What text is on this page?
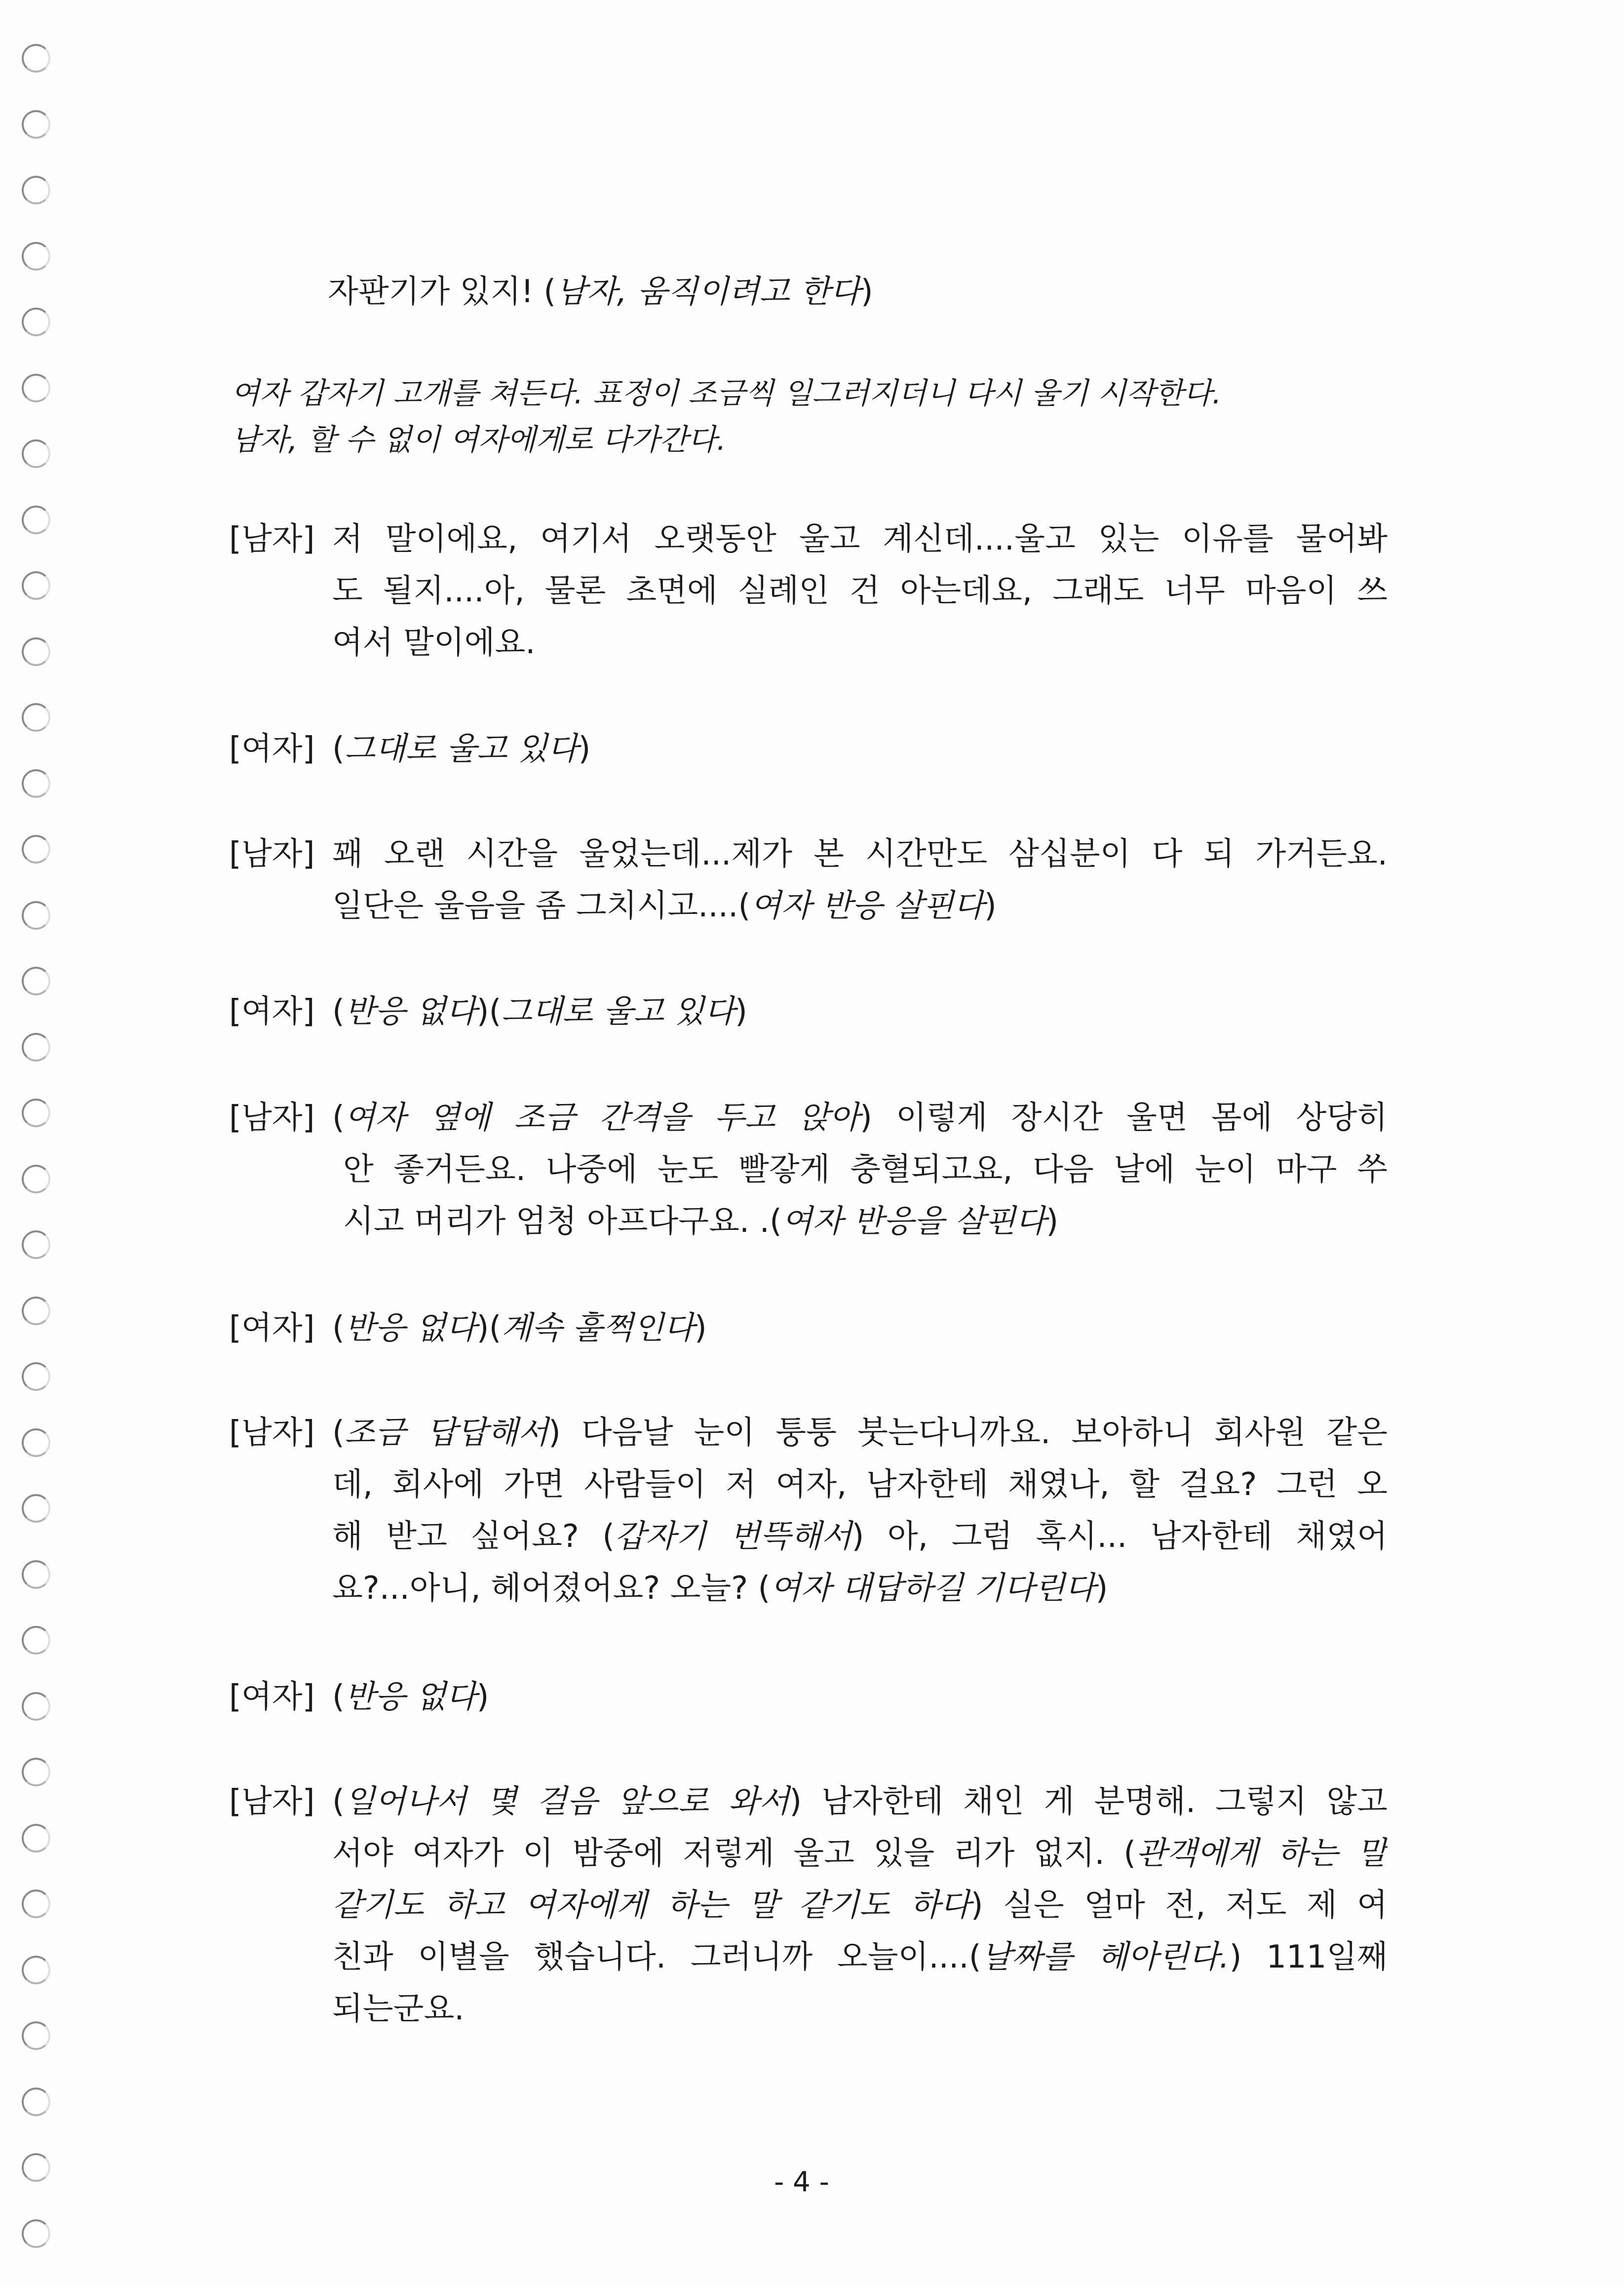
자판기가 있지! (남자, 움직이려고 한다)
여자 갑자기 고개를 쳐든다. 표정이 조금씩 일그러지더니 다시 울기 시작한다.
남자, 할 수 없이 여자에게로 다가간다.
[남자] 저 말이에요, 여기서 오랫동안 울고 계신데....울고 있는 이유를 물어봐
도 될지....아, 물론 초면에 실례인 건 아는데요, 그래도 너무 마음이 쓰
여서 말이에요.
[여자] (그대로 울고 있다)
[남자] 꽤 오랜 시간을 울었는데...제가 본 시간만도 삼십분이 다 되 가거든요.
일단은 울음을 좀 그치시고....(여자 반응 살핀다)
[여자] (반응 없다)(그대로 울고 있다)
[남자] (여자 옆에 조금 간격을 두고 앉아) 이렇게 장시간 울면 몸에 상당히
안 좋거든요. 나중에 눈도 빨갛게 충혈되고요, 다음 날에 눈이 마구 쑤
시고 머리가 엄청 아프다구요. .(여자 반응을 살핀다)
[여자] (반응 없다)(계속 훌쩍인다)
[남자] (조금 답답해서) 다음날 눈이 퉁퉁 붓는다니까요. 보아하니 회사원 같은
데, 회사에 가면 사람들이 저 여자, 남자한테 채였나, 할 걸요? 그런 오
해 받고 싶어요? (갑자기 번뜩해서) 아, 그럼 혹시... 남자한테 채였어
요?...아니, 헤어졌어요? 오늘? (여자 대답하길 기다린다)
[여자] (반응 없다)
[남자] (일어나서 몇 걸음 앞으로 와서) 남자한테 채인 게 분명해. 그렇지 않고
서야 여자가 이 밤중에 저렇게 울고 있을 리가 없지. (관객에게 하는 말
같기도 하고 여자에게 하는 말 같기도 하다) 실은 얼마 전, 저도 제 여
친과 이별을 했습니다. 그러니까 오늘이....(날짜를 헤아린다.) 111일째
되는군요.
- 4 -
